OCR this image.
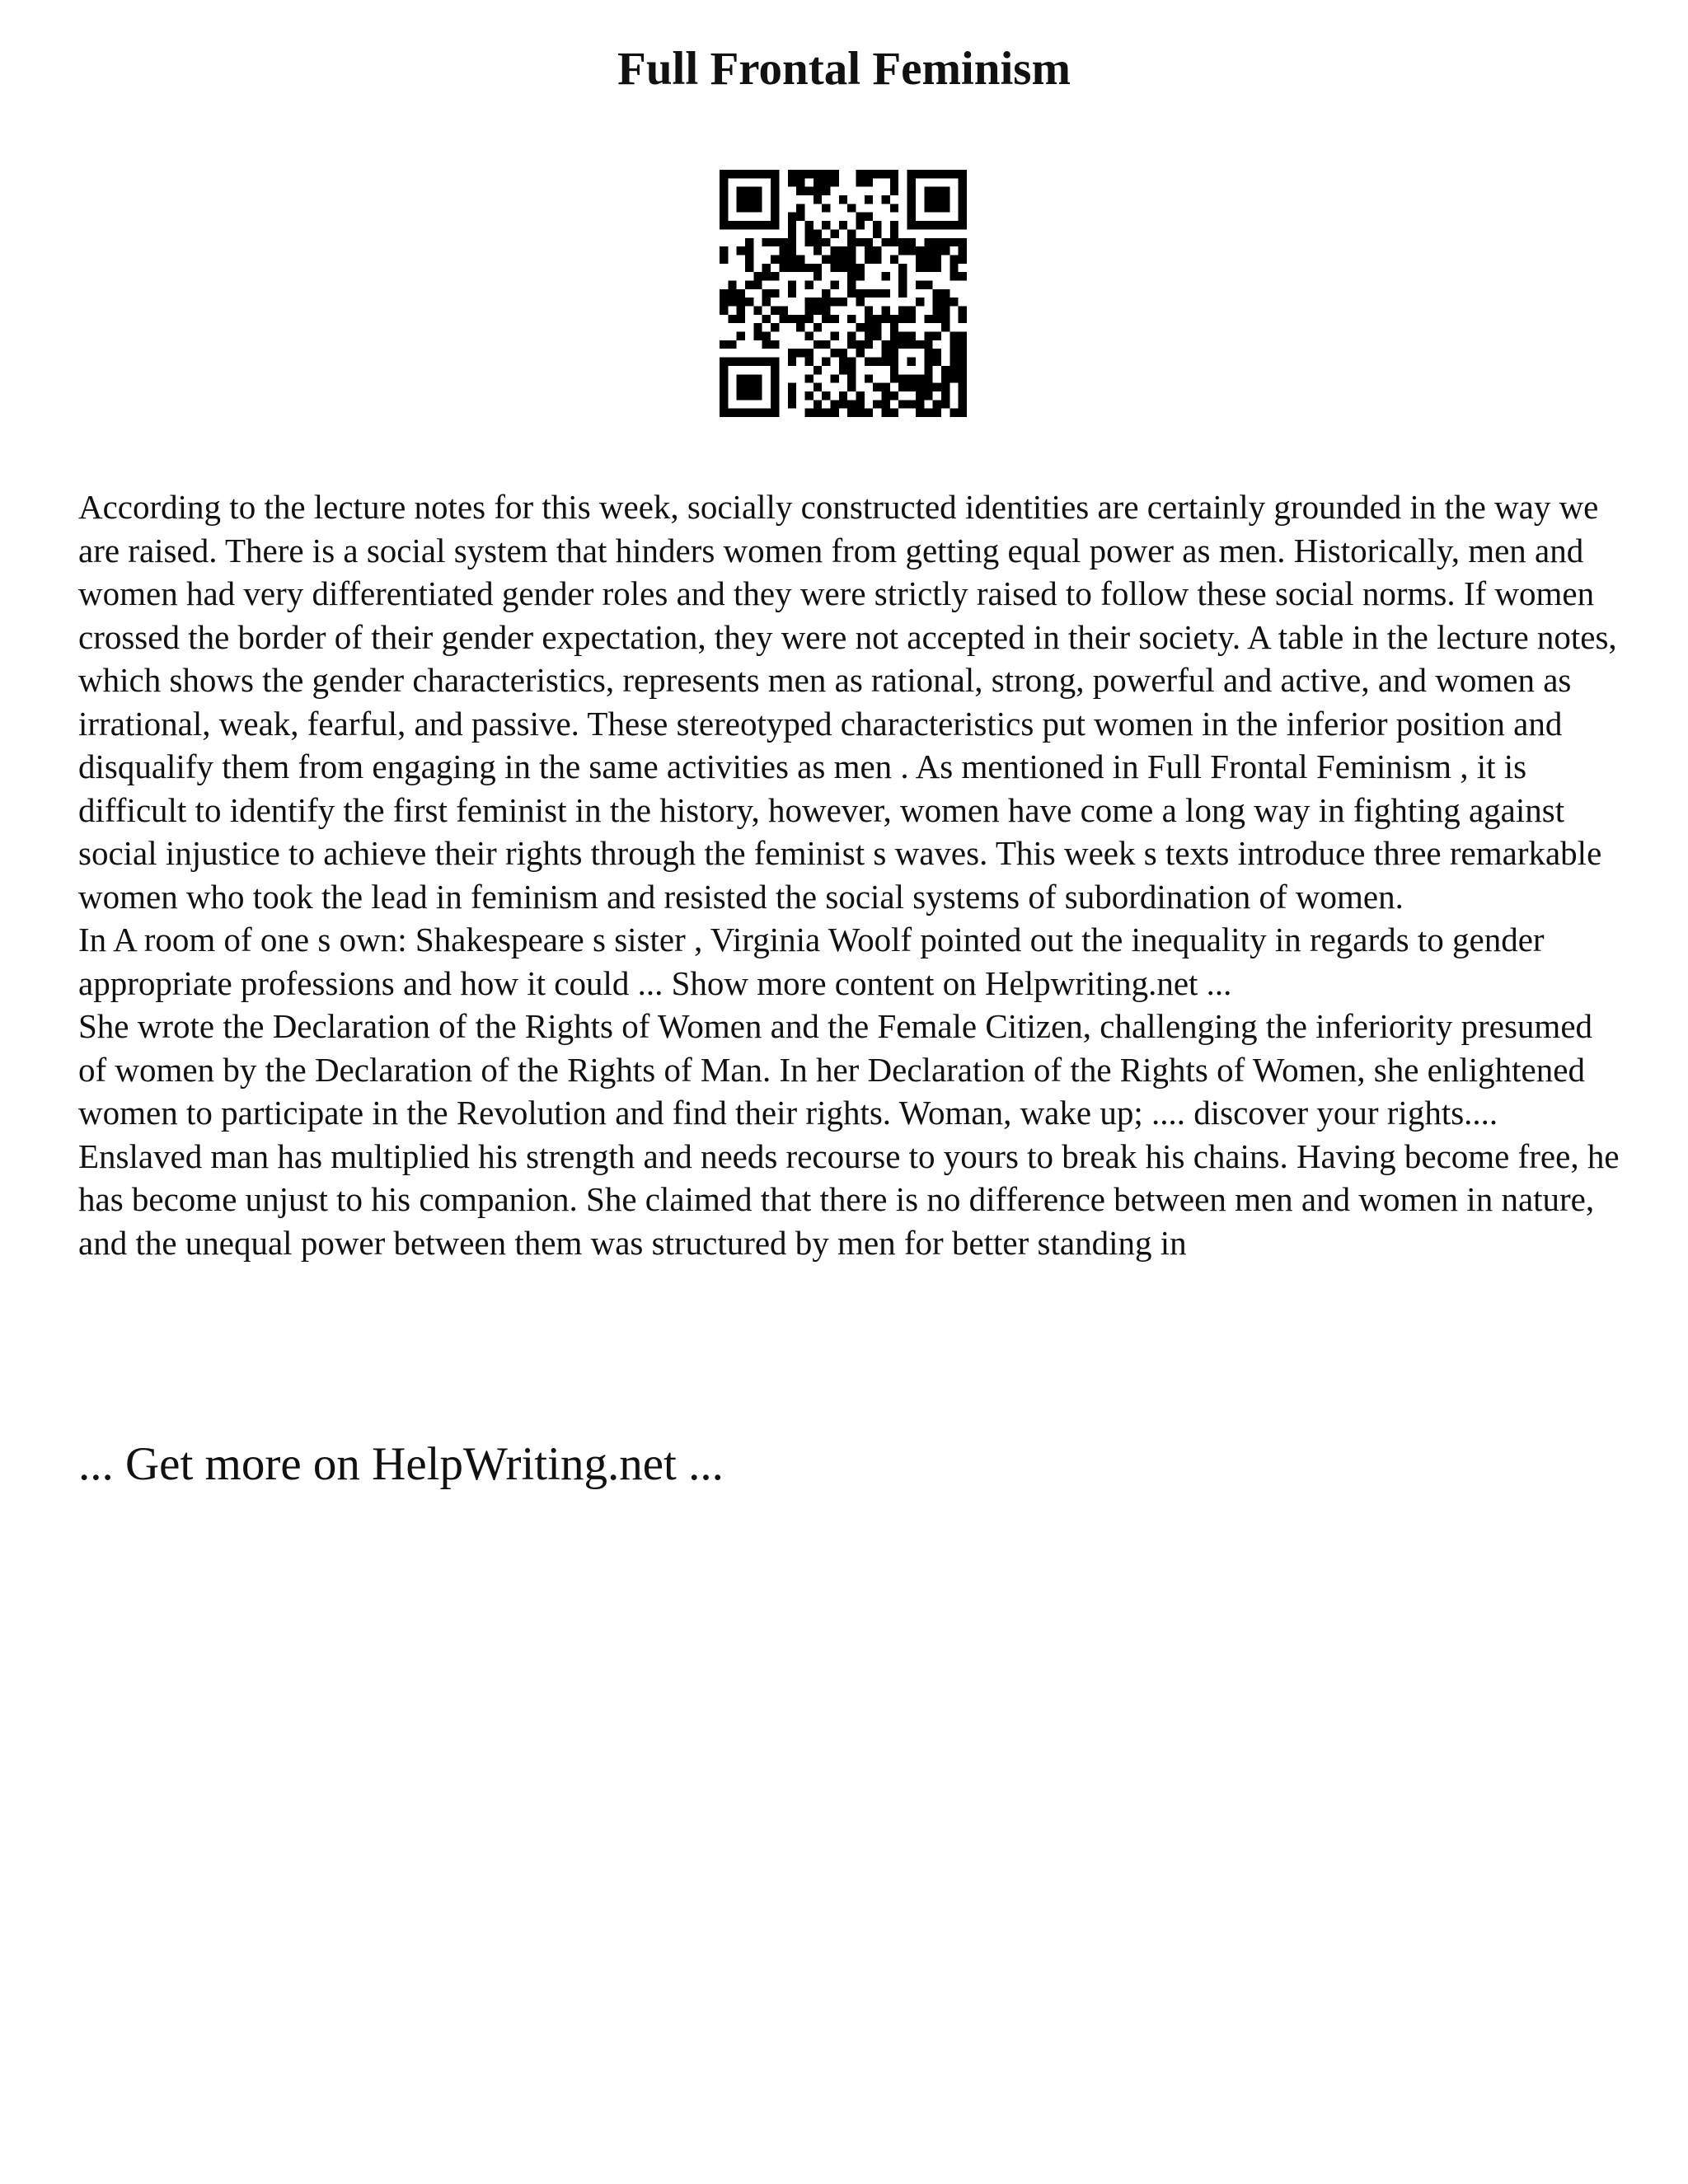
Full Frontal Feminism

According to the lecture notes for this week, socially constructed identities are certainly grounded in the way we are raised. There is a social system that hinders women from getting equal power as men. Historically, men and women had very differentiated gender roles and they were strictly raised to follow these social norms. If women crossed the border of their gender expectation, they were not accepted in their society. A table in the lecture notes, which shows the gender characteristics, represents men as rational, strong, powerful and active, and women as irrational, weak, fearful, and passive. These stereotyped characteristics put women in the inferior position and disqualify them from engaging in the same activities as men . As mentioned in Full Frontal Feminism , it is difficult to identify the first feminist in the history, however, women have come a long way in fighting against social injustice to achieve their rights through the feminist s waves. This week s texts introduce three remarkable women who took the lead in feminism and resisted the social systems of subordination of women.

In A room of one s own: Shakespeare s sister , Virginia Woolf pointed out the inequality in regards to gender appropriate professions and how it could ... Show more content on Helpwriting.net ...

She wrote the Declaration of the Rights of Women and the Female Citizen, challenging the inferiority presumed of women by the Declaration of the Rights of Man. In her Declaration of the Rights of Women, she enlightened women to participate in the Revolution and find their rights. Woman, wake up; .... discover your rights.... Enslaved man has multiplied his strength and needs recourse to yours to break his chains. Having become free, he has become unjust to his companion. She claimed that there is no difference between men and women in nature, and the unequal power between them was structured by men for better standing in

... Get more on HelpWriting.net ...
